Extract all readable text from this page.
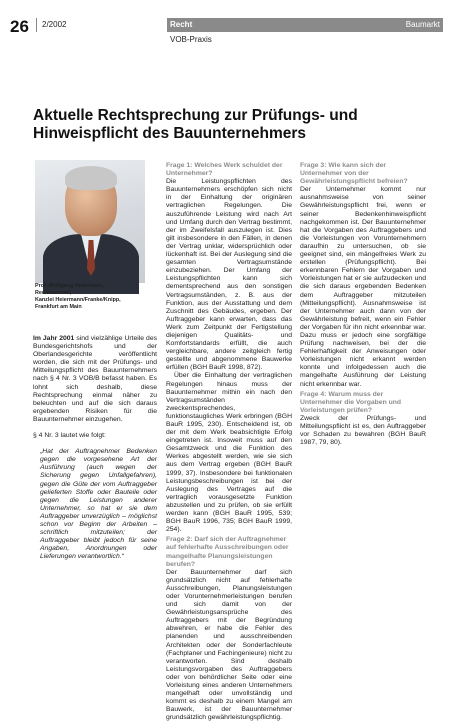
26 2/2002	Recht	Baumarkt
VOB-Praxis
Aktuelle Rechtsprechung zur Prüfungs- und
Hinweispflicht des Bauunternehmers
Prof. Wolfgang Heiermann,
Rechtsanwalt,
Kanzlei Heiermann/Franke/Knipp,
Frankfurt am Main

Im Jahr 2001 sind vielzählige Urteile des Bundesgerichtshofs und der Oberlandesgerichte veröffentlicht worden, die sich mit der Prüfungs- und Mitteilungspflicht des Bauunternehmers nach § 4 Nr. 3 VOB/B befasst haben. Es lohnt sich deshalb, diese Rechtsprechung einmal näher zu beleuchten und auf die sich daraus ergebenden Risiken für die Bauunternehmer einzugehen.

§ 4 Nr. 3 lautet wie folgt:

„Hat der Auftragnehmer Bedenken gegen die vorgesehene Art der Ausführung (auch wegen der Sicherung gegen Unfallgefahren), gegen die Güte der vom Auftraggeber gelieferten Stoffe oder Bauteile oder gegen die Leistungen anderer Unternehmer, so hat er sie dem Auftraggeber unverzüglich – möglichst schon vor Beginn der Arbeiten – schriftlich mitzuteilen; der Auftraggeber bleibt jedoch für seine Angaben, Anordnungen oder Lieferungen verantwortlich.“

Frage 1: Welches Werk schuldet der Unternehmer?

Die Leistungspflichten des Bauunternehmers erschöpfen sich nicht in der Einhaltung der originären vertraglichen Regelungen. Die auszuführende Leistung wird nach Art und Umfang durch den Vertrag bestimmt, der im Zweifelsfall auszulegen ist. Dies gilt insbesondere in den Fällen, in denen der Vertrag unklar, widersprüchlich oder lückenhaft ist. Bei der Auslegung sind die gesamten Vertragsumstände einzubeziehen. Der Umfang der Leistungspflichten kann sich dementsprechend aus den sonstigen Vertragsumständen, z. B. aus der Funktion, aus der Ausstattung und dem Zuschnitt des Gebäudes, ergeben. Der Auftraggeber kann erwarten, dass das Werk zum Zeitpunkt der Fertigstellung diejenigen Qualitäts- und Komfortstandards erfüllt, die auch vergleichbare, andere zeitgleich fertig gestellte und abgenommene Bauwerke erfüllen (BGH BauR 1998, 872).

Über die Einhaltung der vertraglichen Regelungen hinaus muss der Bauunternehmer mithin ein nach den Vertragsumständen zweckentsprechendes, funktionstaugliches Werk erbringen (BGH BauR 1995, 230). Entscheidend ist, ob der mit dem Werk beabsichtigte Erfolg eingetreten ist. Insoweit muss auf den Gesamtzweck und die Funktion des Werkes abgestellt werden, wie sie sich aus dem Vertrag ergeben (BGH BauR 1999, 37). Insbesondere bei funktionalen Leistungsbeschreibungen ist bei der Auslegung des Vertrages auf die vertraglich vorausgesetzte Funktion abzustellen und zu prüfen, ob sie erfüllt werden kann (BGH BauR 1995, 539; BGH BauR 1996, 735; BGH BauR 1999, 254).

Frage 2: Darf sich der Auftragnehmer auf fehlerhafte Ausschreibungen oder mangelhafte Planungsleistungen berufen?

Der Bauunternehmer darf sich grundsätzlich nicht auf fehlerhafte Ausschreibungen, Planungsleistungen oder Vorunternehmerleistungen berufen und sich damit von der Gewährleistungsansprüche des Auftraggebers mit der Begründung abwehren, er habe die Fehler des planenden und ausschreibenden Architekten oder der Sonderfachleute (Fachplaner und Fachingenieure) nicht zu verantworten. Sind deshalb Leistungsvorgaben des Auftraggebers oder von behördlicher Seite oder eine Vorleistung eines anderen Unternehmers mangelhaft oder unvollständig und kommt es deshalb zu einem Mangel am Bauwerk, ist der Bauunternehmer grundsätzlich gewährleistungspflichtig.

Frage 3: Wie kann sich der Unternehmer von der Gewährleistungspflicht befreien?

Der Unternehmer kommt nur ausnahmsweise von seiner Gewährleistungspflicht frei, wenn er seiner Bedenkenhinweispflicht nachgekommen ist. Der Bauunternehmer hat die Vorgaben des Auftraggebers und die Vorleistungen von Vorunternehmern daraufhin zu untersuchen, ob sie geeignet sind, ein mängelfreies Werk zu erstellen (Prüfungspflicht). Bei erkennbaren Fehlern der Vorgaben und Vorleistungen hat er sie aufzudecken und die sich daraus ergebenden Bedenken dem Auftraggeber mitzuteilen (Mitteilungspflicht). Ausnahmsweise ist der Unternehmer auch dann von der Gewährleistung befreit, wenn ein Fehler der Vorgaben für ihn nicht erkennbar war. Dazu muss er jedoch eine sorgfältige Prüfung nachweisen, bei der die Fehlerhaftigkeit der Anweisungen oder Vorleistungen nicht erkannt werden konnte und infolgedessen auch die mangelhafte Ausführung der Leistung nicht erkennbar war.

Frage 4: Warum muss der Unternehmer die Vorgaben und Vorleistungen prüfen?

Zweck der Prüfungs- und Mitteilungspflicht ist es, den Auftraggeber vor Schaden zu bewahren (BGH BauR 1987, 79, 80).
